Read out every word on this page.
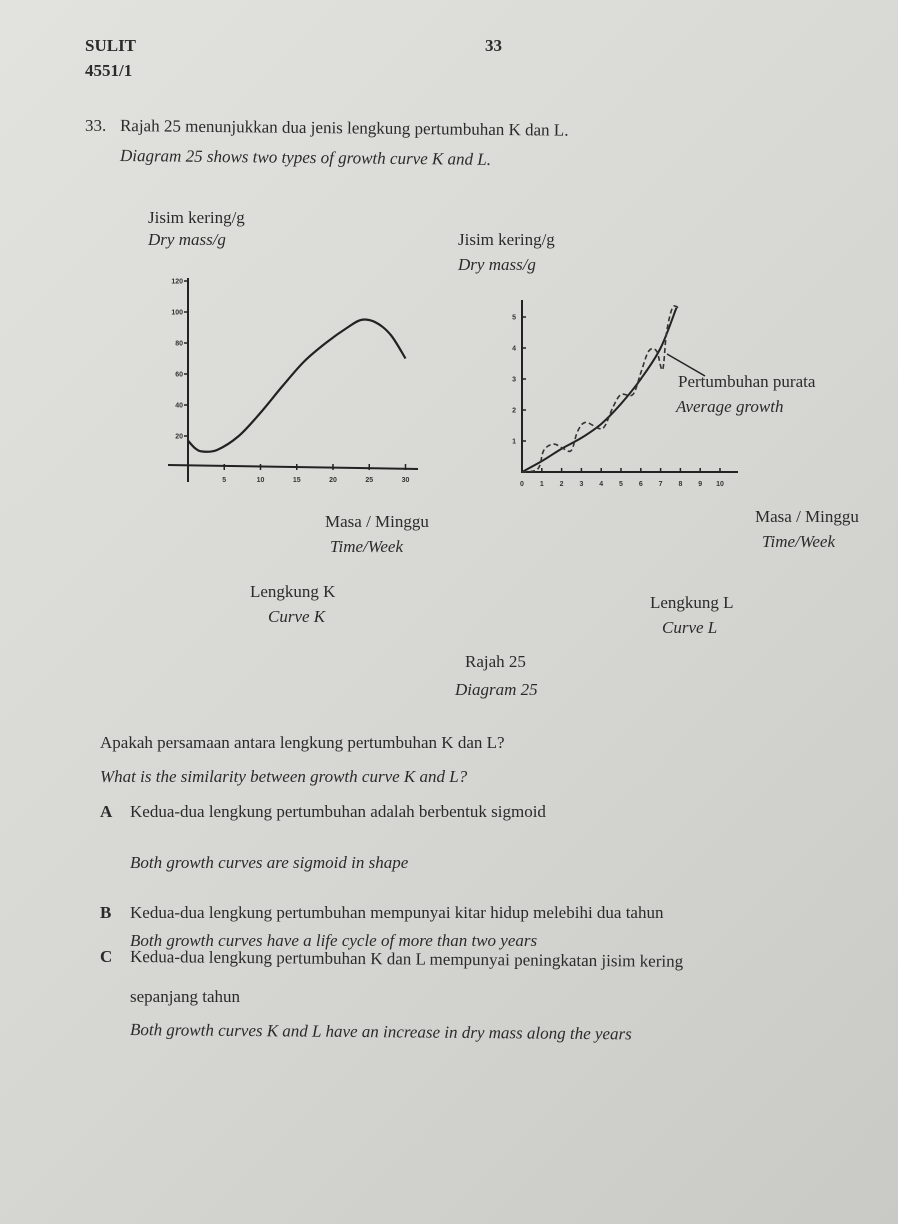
SULIT	33
4551/1
33. Rajah 25 menunjukkan dua jenis lengkung pertumbuhan K dan L.
Diagram 25 shows two types of growth curve K and L.
Jisim kering/g
Dry mass/g	Jisim kering/g
Dry mass/g
20
40
60
80
100
120
5	10	15	20	25	30
1
2
3
4
5
0 1 2 3 4 5 6 7 8 9 10
Pertumbuhan purata
Average growth
Masa / Minggu
Time/Week
Masa / Minggu
Time/Week
Lengkung K
Curve K
Lengkung L
Curve L
Rajah 25
Diagram 25
Apakah persamaan antara lengkung pertumbuhan K dan L?
What is the similarity between growth curve K and L?
A Kedua-dua lengkung pertumbuhan adalah berbentuk sigmoid
Both growth curves are sigmoid in shape
B Kedua-dua lengkung pertumbuhan mempunyai kitar hidup melebihi dua tahun
Both growth curves have a life cycle of more than two years
C Kedua-dua lengkung pertumbuhan K dan L mempunyai peningkatan jisim kering
sepanjang tahun
Both growth curves K and L have an increase in dry mass along the years
